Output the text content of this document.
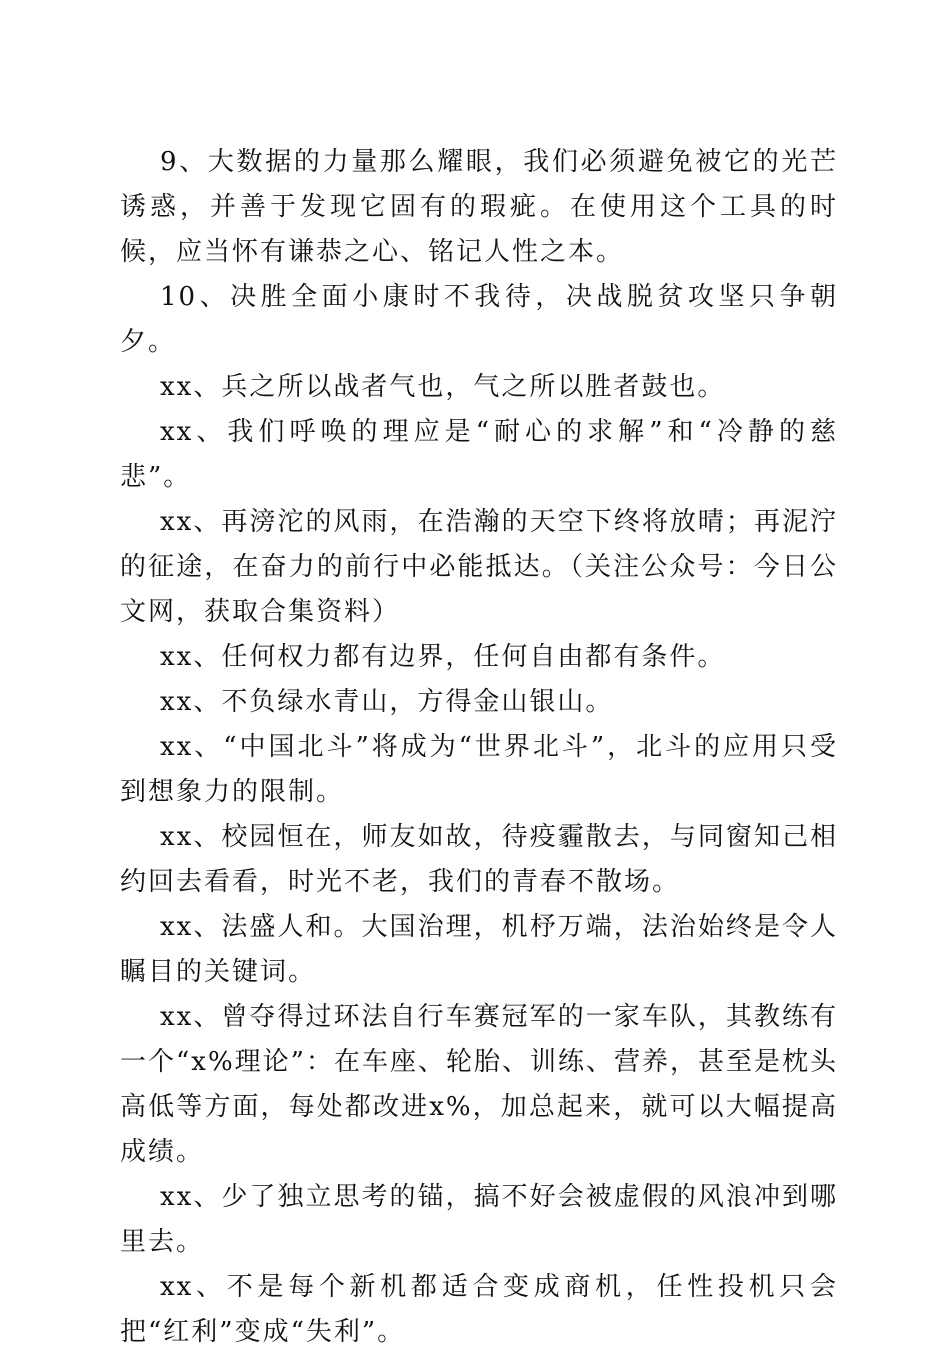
9、大数据的力量那么耀眼，我们必须避免被它的光芒诱惑，并善于发现它固有的瑕疵。在使用这个工具的时候，应当怀有谦恭之心、铭记人性之本。

10、决胜全面小康时不我待，决战脱贫攻坚只争朝夕。

xx、兵之所以战者气也，气之所以胜者鼓也。

xx、我们呼唤的理应是“耐心的求解”和“冷静的慈悲”。

xx、再滂沱的风雨，在浩瀚的天空下终将放晴；再泥泞的征途，在奋力的前行中必能抵达。（关注公众号：今日公文网，获取合集资料）

xx、任何权力都有边界，任何自由都有条件。

xx、不负绿水青山，方得金山银山。

xx、“中国北斗”将成为“世界北斗”，北斗的应用只受到想象力的限制。

xx、校园恒在，师友如故，待疫霾散去，与同窗知己相约回去看看，时光不老，我们的青春不散场。

xx、法盛人和。大国治理，机杼万端，法治始终是令人瞩目的关键词。

xx、曾夺得过环法自行车赛冠军的一家车队，其教练有一个“x%理论”：在车座、轮胎、训练、营养，甚至是枕头高低等方面，每处都改进x%，加总起来，就可以大幅提高成绩。

xx、少了独立思考的锚，搞不好会被虚假的风浪冲到哪里去。

xx、不是每个新机都适合变成商机，任性投机只会把“红利”变成“失利”。
